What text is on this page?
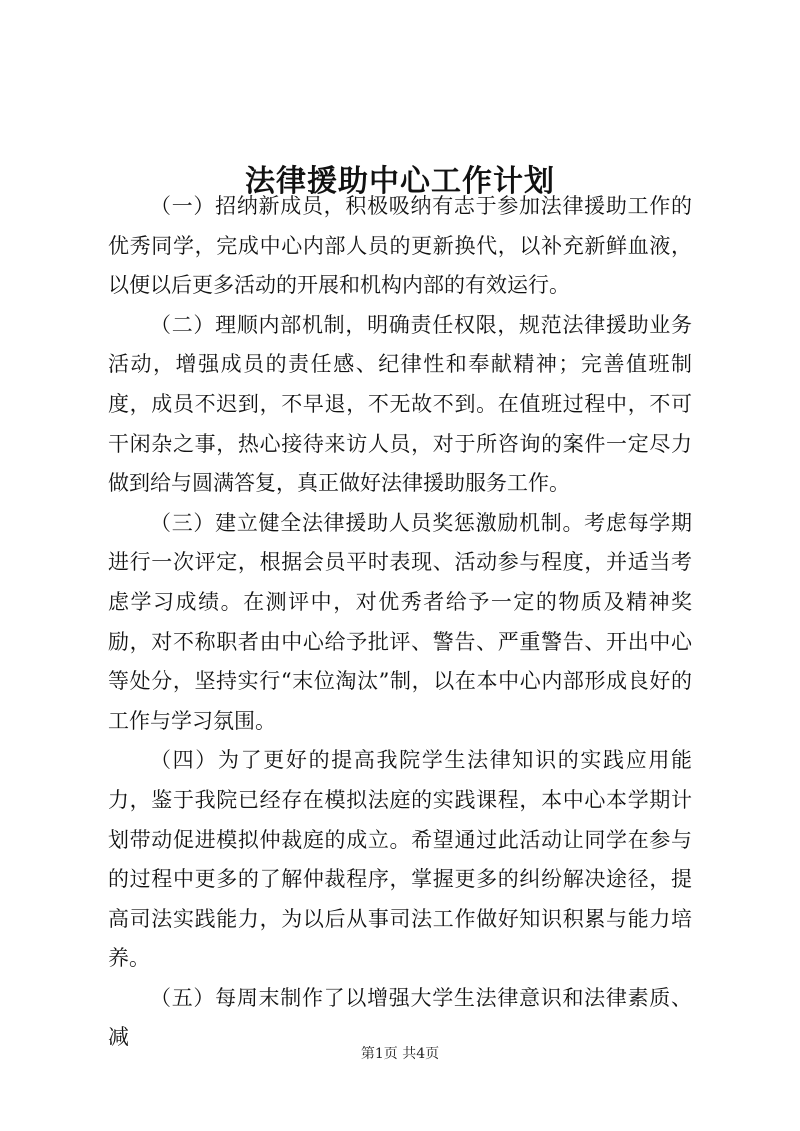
法律援助中心工作计划

（一）招纳新成员，积极吸纳有志于参加法律援助工作的优秀同学，完成中心内部人员的更新换代，以补充新鲜血液，以便以后更多活动的开展和机构内部的有效运行。

（二）理顺内部机制，明确责任权限，规范法律援助业务活动，增强成员的责任感、纪律性和奉献精神；完善值班制度，成员不迟到，不早退，不无故不到。在值班过程中，不可干闲杂之事，热心接待来访人员，对于所咨询的案件一定尽力做到给与圆满答复，真正做好法律援助服务工作。

（三）建立健全法律援助人员奖惩激励机制。考虑每学期进行一次评定，根据会员平时表现、活动参与程度，并适当考虑学习成绩。在测评中，对优秀者给予一定的物质及精神奖励，对不称职者由中心给予批评、警告、严重警告、开出中心等处分，坚持实行“末位淘汰”制，以在本中心内部形成良好的工作与学习氛围。

（四）为了更好的提高我院学生法律知识的实践应用能力，鉴于我院已经存在模拟法庭的实践课程，本中心本学期计划带动促进模拟仲裁庭的成立。希望通过此活动让同学在参与的过程中更多的了解仲裁程序，掌握更多的纠纷解决途径，提高司法实践能力，为以后从事司法工作做好知识积累与能力培养。

（五）每周末制作了以增强大学生法律意识和法律素质、减

第1页 共4页
